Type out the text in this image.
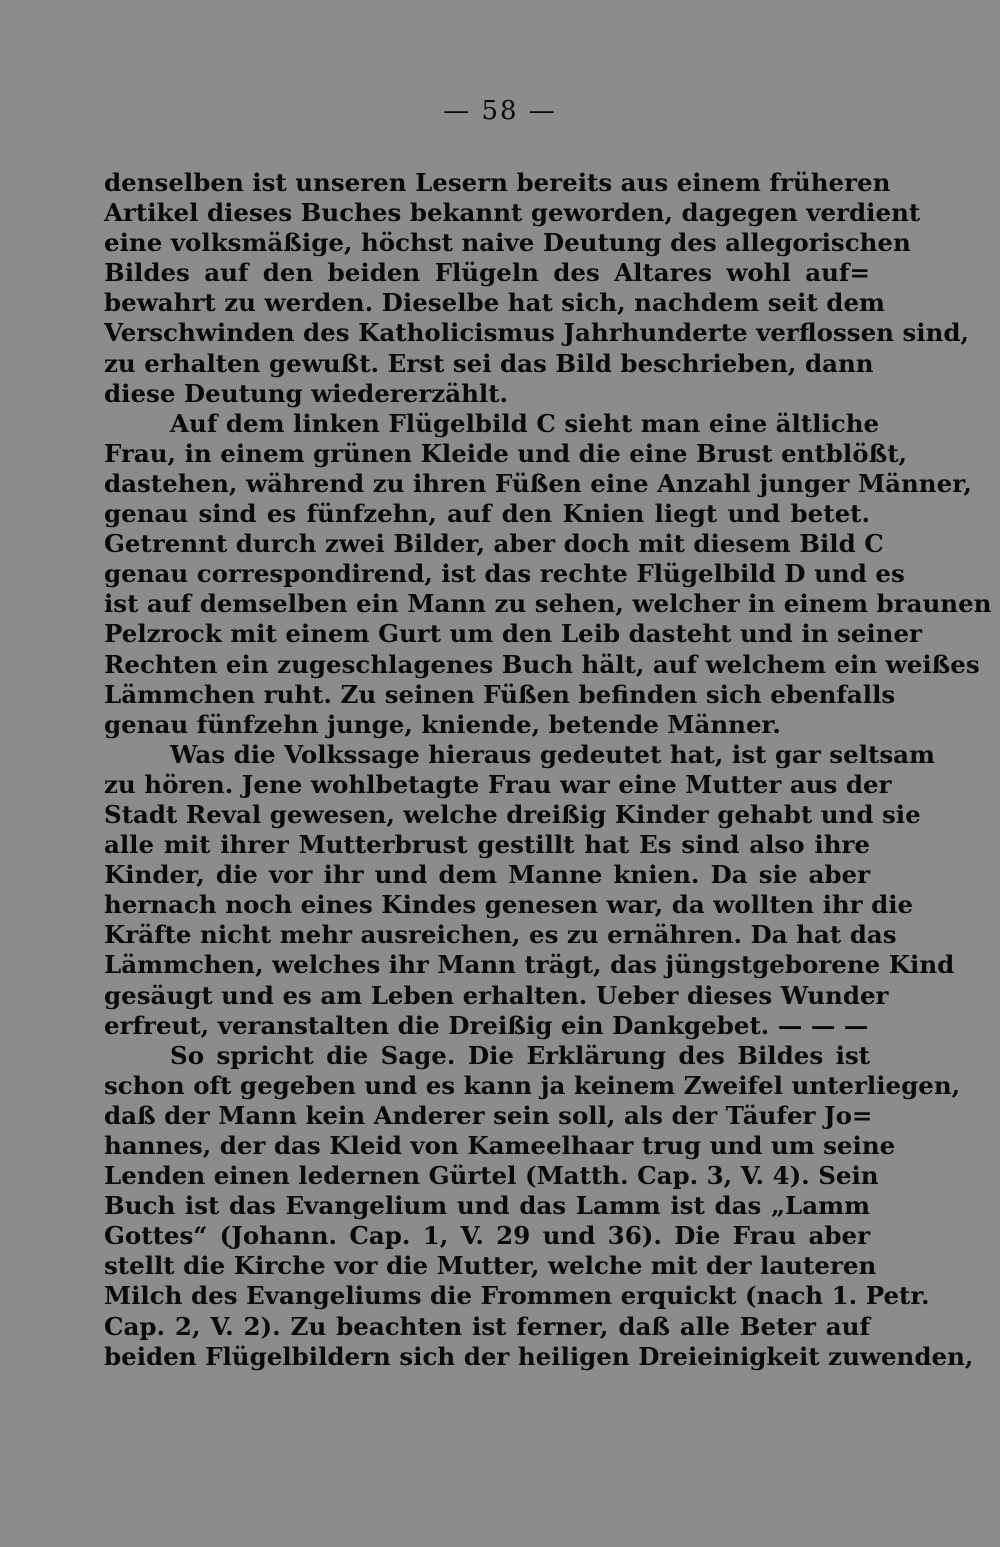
— 58 —
denselben ist unseren Lesern bereits aus einem früheren
Artikel dieses Buches bekannt geworden, dagegen verdient
eine volksmäßige, höchst naive Deutung des allegorischen
Bildes auf den beiden Flügeln des Altares wohl auf=
bewahrt zu werden. Dieselbe hat sich, nachdem seit dem
Verschwinden des Katholicismus Jahrhunderte verflossen sind,
zu erhalten gewußt. Erst sei das Bild beschrieben, dann
diese Deutung wiedererzählt.
Auf dem linken Flügelbild C sieht man eine ältliche
Frau, in einem grünen Kleide und die eine Brust entblößt,
dastehen, während zu ihren Füßen eine Anzahl junger Männer,
genau sind es fünfzehn, auf den Knien liegt und betet.
Getrennt durch zwei Bilder, aber doch mit diesem Bild C
genau correspondirend, ist das rechte Flügelbild D und es
ist auf demselben ein Mann zu sehen, welcher in einem braunen
Pelzrock mit einem Gurt um den Leib dasteht und in seiner
Rechten ein zugeschlagenes Buch hält, auf welchem ein weißes
Lämmchen ruht. Zu seinen Füßen befinden sich ebenfalls
genau fünfzehn junge, kniende, betende Männer.
Was die Volkssage hieraus gedeutet hat, ist gar seltsam
zu hören. Jene wohlbetagte Frau war eine Mutter aus der
Stadt Reval gewesen, welche dreißig Kinder gehabt und sie
alle mit ihrer Mutterbrust gestillt hat Es sind also ihre
Kinder, die vor ihr und dem Manne knien. Da sie aber
hernach noch eines Kindes genesen war, da wollten ihr die
Kräfte nicht mehr ausreichen, es zu ernähren. Da hat das
Lämmchen, welches ihr Mann trägt, das jüngstgeborene Kind
gesäugt und es am Leben erhalten. Ueber dieses Wunder
erfreut, veranstalten die Dreißig ein Dankgebet. — — —
So spricht die Sage. Die Erklärung des Bildes ist
schon oft gegeben und es kann ja keinem Zweifel unterliegen,
daß der Mann kein Anderer sein soll, als der Täufer Jo=
hannes, der das Kleid von Kameelhaar trug und um seine
Lenden einen ledernen Gürtel (Matth. Cap. 3, V. 4). Sein
Buch ist das Evangelium und das Lamm ist das „Lamm
Gottes“ (Johann. Cap. 1, V. 29 und 36). Die Frau aber
stellt die Kirche vor die Mutter, welche mit der lauteren
Milch des Evangeliums die Frommen erquickt (nach 1. Petr.
Cap. 2, V. 2). Zu beachten ist ferner, daß alle Beter auf
beiden Flügelbildern sich der heiligen Dreieinigkeit zuwenden,
